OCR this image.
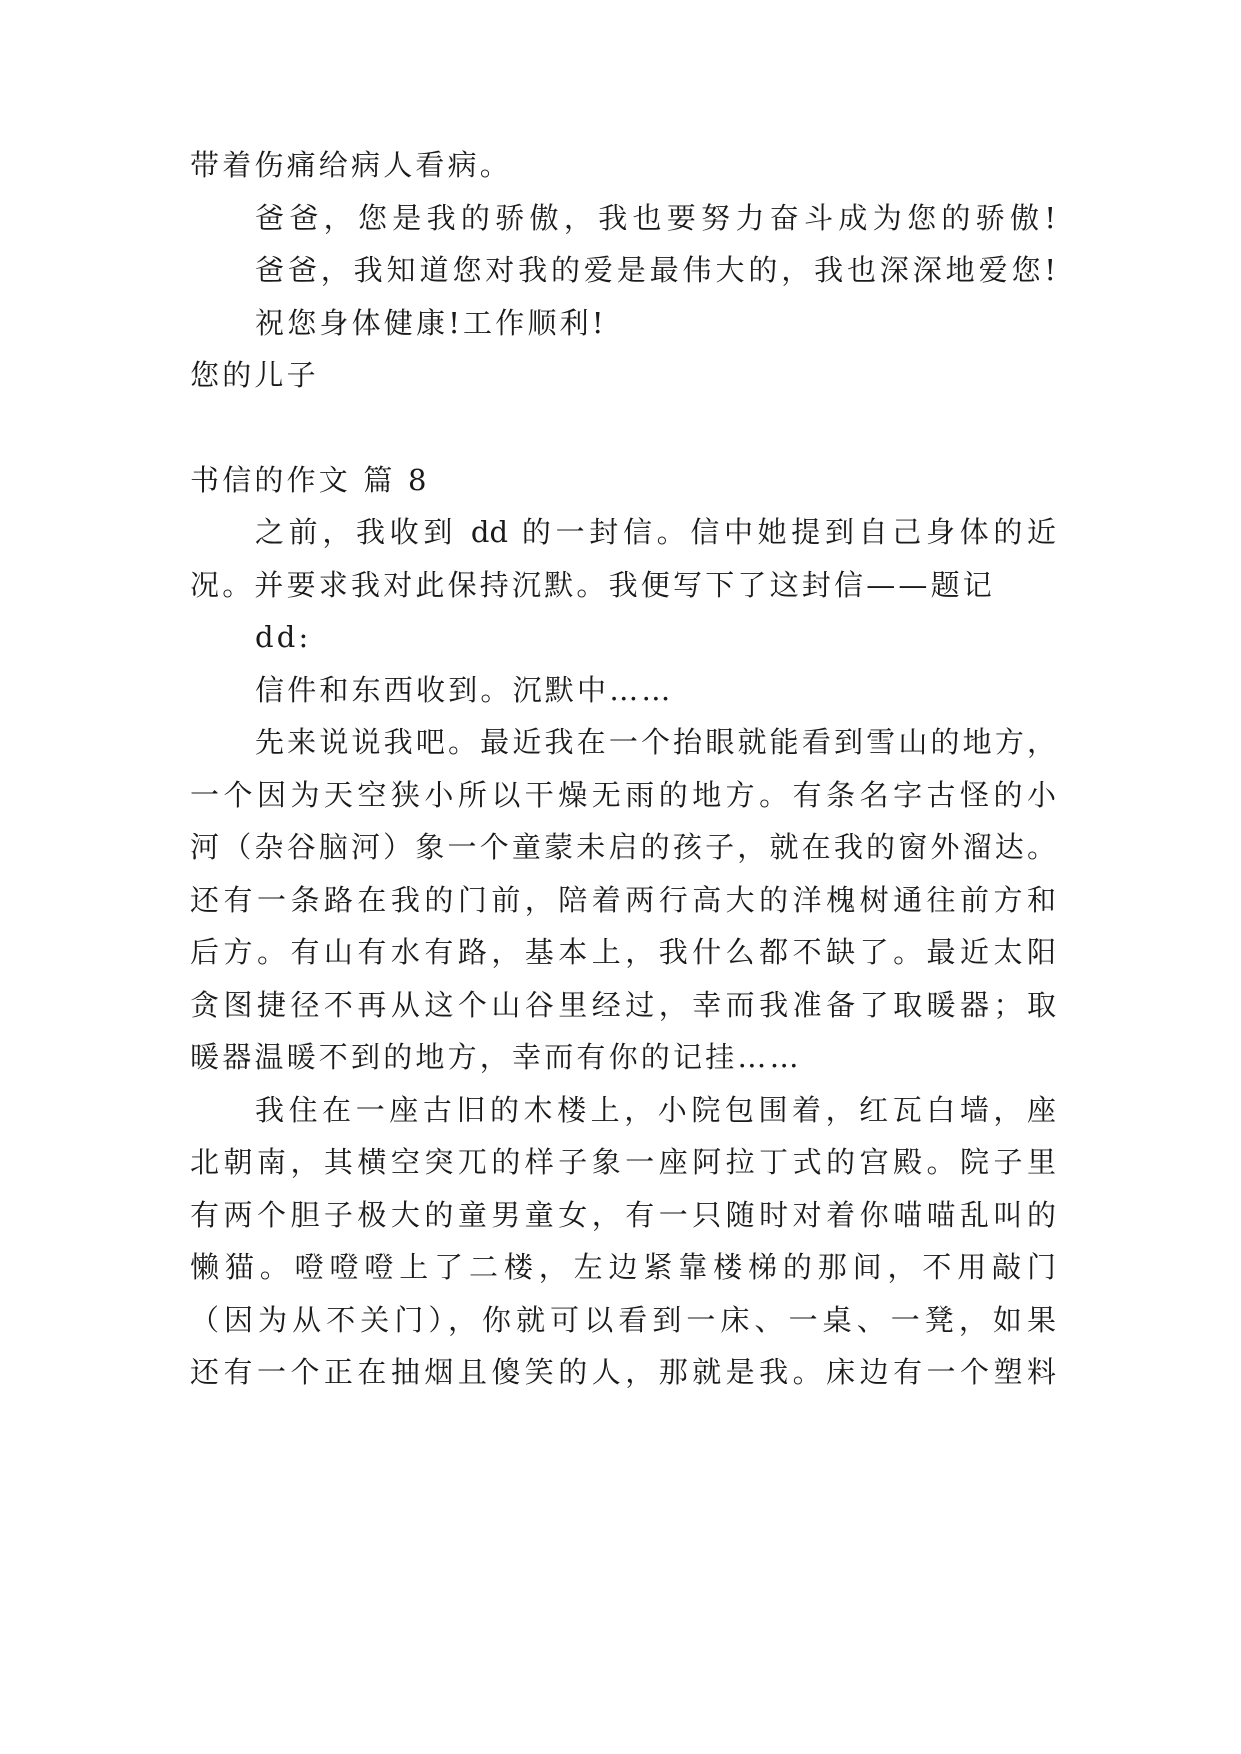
带着伤痛给病人看病。
爸爸，您是我的骄傲，我也要努力奋斗成为您的骄傲!
爸爸，我知道您对我的爱是最伟大的，我也深深地爱您!
祝您身体健康!工作顺利!
您的儿子
书信的作文 篇 8
之前，我收到 dd 的一封信。信中她提到自己身体的近
况。并要求我对此保持沉默。我便写下了这封信——题记
dd:
信件和东西收到。沉默中……
先来说说我吧。最近我在一个抬眼就能看到雪山的地方，
一个因为天空狭小所以干燥无雨的地方。有条名字古怪的小
河（杂谷脑河）象一个童蒙未启的孩子，就在我的窗外溜达。
还有一条路在我的门前，陪着两行高大的洋槐树通往前方和
后方。有山有水有路，基本上，我什么都不缺了。最近太阳
贪图捷径不再从这个山谷里经过，幸而我准备了取暖器；取
暖器温暖不到的地方，幸而有你的记挂……
我住在一座古旧的木楼上，小院包围着，红瓦白墙，座
北朝南，其横空突兀的样子象一座阿拉丁式的宫殿。院子里
有两个胆子极大的童男童女，有一只随时对着你喵喵乱叫的
懒猫。噔噔噔上了二楼，左边紧靠楼梯的那间，不用敲门
（因为从不关门），你就可以看到一床、一桌、一凳，如果
还有一个正在抽烟且傻笑的人，那就是我。床边有一个塑料
